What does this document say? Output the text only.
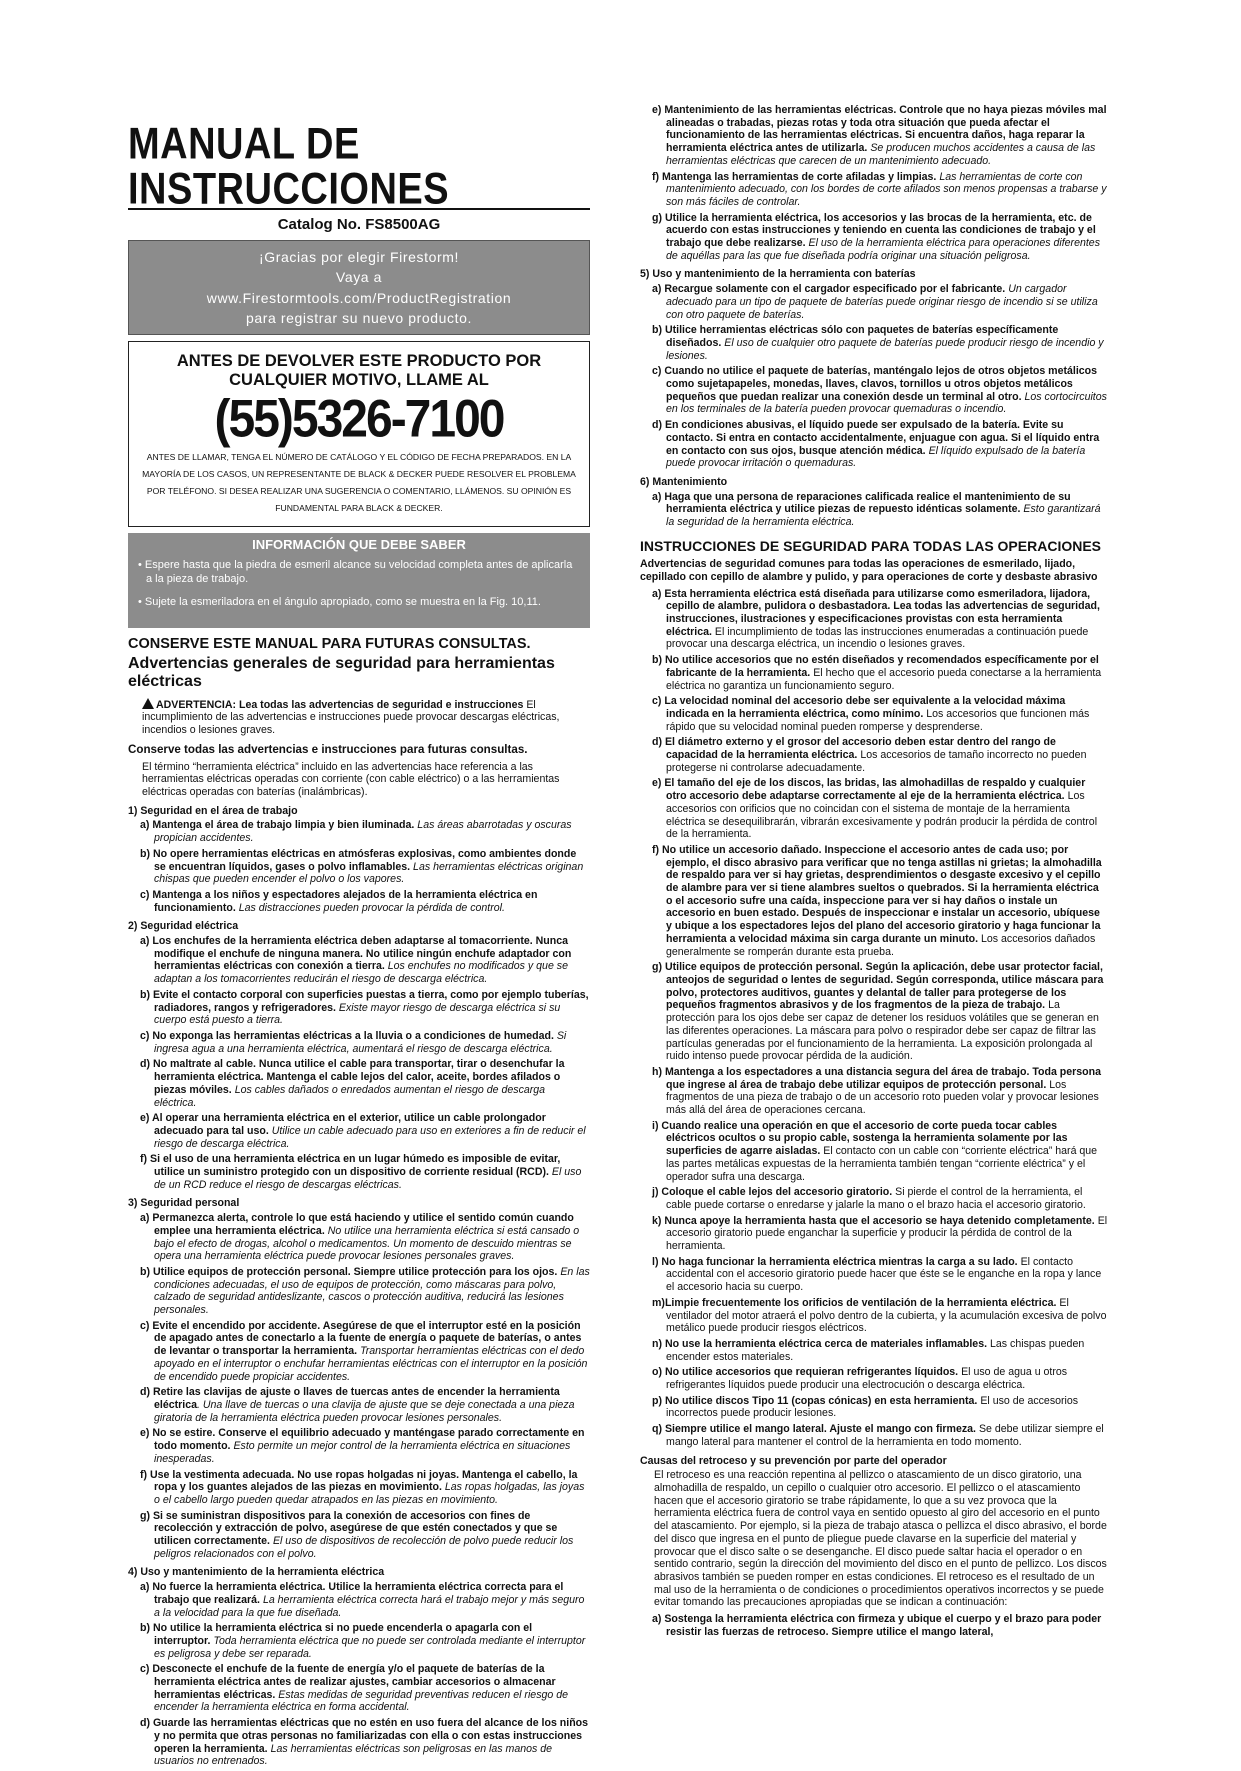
MANUAL DE INSTRUCCIONES
Catalog No. FS8500AG
¡Gracias por elegir Firestorm!
Vaya a
www.Firestormtools.com/ProductRegistration
para registrar su nuevo producto.
ANTES DE DEVOLVER ESTE PRODUCTO POR CUALQUIER MOTIVO, LLAME AL
(55)5326-7100
ANTES DE LLAMAR, TENGA EL NÚMERO DE CATÁLOGO Y EL CÓDIGO DE FECHA PREPARADOS. EN LA MAYORÍA DE LOS CASOS, UN REPRESENTANTE DE BLACK & DECKER PUEDE RESOLVER EL PROBLEMA POR TELÉFONO. SI DESEA REALIZAR UNA SUGERENCIA O COMENTARIO, LLÁMENOS. SU OPINIÓN ES FUNDAMENTAL PARA BLACK & DECKER.
INFORMACIÓN QUE DEBE SABER

• Espere hasta que la piedra de esmeril alcance su velocidad completa antes de aplicarla a la pieza de trabajo.

• Sujete la esmeriladora en el ángulo apropiado, como se muestra en la Fig. 10,11.

CONSERVE ESTE MANUAL PARA FUTURAS CONSULTAS.
Advertencias generales de seguridad para herramientas eléctricas

ADVERTENCIA: Lea todas las advertencias de seguridad e instrucciones El incumplimiento de las advertencias e instrucciones puede provocar descargas eléctricas, incendios o lesiones graves.

Conserve todas las advertencias e instrucciones para futuras consultas.

El término “herramienta eléctrica” incluido en las advertencias hace referencia a las herramientas eléctricas operadas con corriente (con cable eléctrico) o a las herramientas eléctricas operadas con baterías (inalámbricas).

1) Seguridad en el área de trabajo

a) Mantenga el área de trabajo limpia y bien iluminada. Las áreas abarrotadas y oscuras propician accidentes.

b) No opere herramientas eléctricas en atmósferas explosivas, como ambientes donde se encuentran líquidos, gases o polvo inflamables. Las herramientas eléctricas originan chispas que pueden encender el polvo o los vapores.

c) Mantenga a los niños y espectadores alejados de la herramienta eléctrica en funcionamiento. Las distracciones pueden provocar la pérdida de control.

2) Seguridad eléctrica

a) Los enchufes de la herramienta eléctrica deben adaptarse al tomacorriente. Nunca modifique el enchufe de ninguna manera. No utilice ningún enchufe adaptador con herramientas eléctricas con conexión a tierra. Los enchufes no modificados y que se adaptan a los tomacorrientes reducirán el riesgo de descarga eléctrica.

b) Evite el contacto corporal con superficies puestas a tierra, como por ejemplo tuberías, radiadores, rangos y refrigeradores. Existe mayor riesgo de descarga eléctrica si su cuerpo está puesto a tierra.

c) No exponga las herramientas eléctricas a la lluvia o a condiciones de humedad. Si ingresa agua a una herramienta eléctrica, aumentará el riesgo de descarga eléctrica.

d) No maltrate al cable. Nunca utilice el cable para transportar, tirar o desenchufar la herramienta eléctrica. Mantenga el cable lejos del calor, aceite, bordes afilados o piezas móviles. Los cables dañados o enredados aumentan el riesgo de descarga eléctrica.

e) Al operar una herramienta eléctrica en el exterior, utilice un cable prolongador adecuado para tal uso. Utilice un cable adecuado para uso en exteriores a fin de reducir el riesgo de descarga eléctrica.

f) Si el uso de una herramienta eléctrica en un lugar húmedo es imposible de evitar, utilice un suministro protegido con un dispositivo de corriente residual (RCD). El uso de un RCD reduce el riesgo de descargas eléctricas.

3) Seguridad personal

a) Permanezca alerta, controle lo que está haciendo y utilice el sentido común cuando emplee una herramienta eléctrica. No utilice una herramienta eléctrica si está cansado o bajo el efecto de drogas, alcohol o medicamentos. Un momento de descuido mientras se opera una herramienta eléctrica puede provocar lesiones personales graves.

b) Utilice equipos de protección personal. Siempre utilice protección para los ojos. En las condiciones adecuadas, el uso de equipos de protección, como máscaras para polvo, calzado de seguridad antideslizante, cascos o protección auditiva, reducirá las lesiones personales.

c) Evite el encendido por accidente. Asegúrese de que el interruptor esté en la posición de apagado antes de conectarlo a la fuente de energía o paquete de baterías, o antes de levantar o transportar la herramienta. Transportar herramientas eléctricas con el dedo apoyado en el interruptor o enchufar herramientas eléctricas con el interruptor en la posición de encendido puede propiciar accidentes.

d) Retire las clavijas de ajuste o llaves de tuercas antes de encender la herramienta eléctrica. Una llave de tuercas o una clavija de ajuste que se deje conectada a una pieza giratoria de la herramienta eléctrica pueden provocar lesiones personales.

e) No se estire. Conserve el equilibrio adecuado y manténgase parado correctamente en todo momento. Esto permite un mejor control de la herramienta eléctrica en situaciones inesperadas.

f) Use la vestimenta adecuada. No use ropas holgadas ni joyas. Mantenga el cabello, la ropa y los guantes alejados de las piezas en movimiento. Las ropas holgadas, las joyas o el cabello largo pueden quedar atrapados en las piezas en movimiento.

g) Si se suministran dispositivos para la conexión de accesorios con fines de recolección y extracción de polvo, asegúrese de que estén conectados y que se utilicen correctamente. El uso de dispositivos de recolección de polvo puede reducir los peligros relacionados con el polvo.

4) Uso y mantenimiento de la herramienta eléctrica

a) No fuerce la herramienta eléctrica. Utilice la herramienta eléctrica correcta para el trabajo que realizará. La herramienta eléctrica correcta hará el trabajo mejor y más seguro a la velocidad para la que fue diseñada.

b) No utilice la herramienta eléctrica si no puede encenderla o apagarla con el interruptor. Toda herramienta eléctrica que no puede ser controlada mediante el interruptor es peligrosa y debe ser reparada.

c) Desconecte el enchufe de la fuente de energía y/o el paquete de baterías de la herramienta eléctrica antes de realizar ajustes, cambiar accesorios o almacenar herramientas eléctricas. Estas medidas de seguridad preventivas reducen el riesgo de encender la herramienta eléctrica en forma accidental.

d) Guarde las herramientas eléctricas que no estén en uso fuera del alcance de los niños y no permita que otras personas no familiarizadas con ella o con estas instrucciones operen la herramienta. Las herramientas eléctricas son peligrosas en las manos de usuarios no entrenados.

e) Mantenimiento de las herramientas eléctricas. Controle que no haya piezas móviles mal alineadas o trabadas, piezas rotas y toda otra situación que pueda afectar el funcionamiento de las herramientas eléctricas. Si encuentra daños, haga reparar la herramienta eléctrica antes de utilizarla. Se producen muchos accidentes a causa de las herramientas eléctricas que carecen de un mantenimiento adecuado.

f) Mantenga las herramientas de corte afiladas y limpias. Las herramientas de corte con mantenimiento adecuado, con los bordes de corte afilados son menos propensas a trabarse y son más fáciles de controlar.

g) Utilice la herramienta eléctrica, los accesorios y las brocas de la herramienta, etc. de acuerdo con estas instrucciones y teniendo en cuenta las condiciones de trabajo y el trabajo que debe realizarse. El uso de la herramienta eléctrica para operaciones diferentes de aquéllas para las que fue diseñada podría originar una situación peligrosa.

5) Uso y mantenimiento de la herramienta con baterías

a) Recargue solamente con el cargador especificado por el fabricante. Un cargador adecuado para un tipo de paquete de baterías puede originar riesgo de incendio si se utiliza con otro paquete de baterías.

b) Utilice herramientas eléctricas sólo con paquetes de baterías específicamente diseñados. El uso de cualquier otro paquete de baterías puede producir riesgo de incendio y lesiones.

c) Cuando no utilice el paquete de baterías, manténgalo lejos de otros objetos metálicos como sujetapapeles, monedas, llaves, clavos, tornillos u otros objetos metálicos pequeños que puedan realizar una conexión desde un terminal al otro. Los cortocircuitos en los terminales de la batería pueden provocar quemaduras o incendio.

d) En condiciones abusivas, el líquido puede ser expulsado de la batería. Evite su contacto. Si entra en contacto accidentalmente, enjuague con agua. Si el líquido entra en contacto con sus ojos, busque atención médica. El líquido expulsado de la batería puede provocar irritación o quemaduras.

6) Mantenimiento

a) Haga que una persona de reparaciones calificada realice el mantenimiento de su herramienta eléctrica y utilice piezas de repuesto idénticas solamente. Esto garantizará la seguridad de la herramienta eléctrica.

INSTRUCCIONES DE SEGURIDAD PARA TODAS LAS OPERACIONES

Advertencias de seguridad comunes para todas las operaciones de esmerilado, lijado, cepillado con cepillo de alambre y pulido, y para operaciones de corte y desbaste abrasivo

a) Esta herramienta eléctrica está diseñada para utilizarse como esmeriladora, lijadora, cepillo de alambre, pulidora o desbastadora. Lea todas las advertencias de seguridad, instrucciones, ilustraciones y especificaciones provistas con esta herramienta eléctrica. El incumplimiento de todas las instrucciones enumeradas a continuación puede provocar una descarga eléctrica, un incendio o lesiones graves.

b) No utilice accesorios que no estén diseñados y recomendados específicamente por el fabricante de la herramienta. El hecho que el accesorio pueda conectarse a la herramienta eléctrica no garantiza un funcionamiento seguro.

c) La velocidad nominal del accesorio debe ser equivalente a la velocidad máxima indicada en la herramienta eléctrica, como mínimo. Los accesorios que funcionen más rápido que su velocidad nominal pueden romperse y desprenderse.

d) El diámetro externo y el grosor del accesorio deben estar dentro del rango de capacidad de la herramienta eléctrica. Los accesorios de tamaño incorrecto no pueden protegerse ni controlarse adecuadamente.

e) El tamaño del eje de los discos, las bridas, las almohadillas de respaldo y cualquier otro accesorio debe adaptarse correctamente al eje de la herramienta eléctrica. Los accesorios con orificios que no coincidan con el sistema de montaje de la herramienta eléctrica se desequilibrarán, vibrarán excesivamente y podrán producir la pérdida de control de la herramienta.

f) No utilice un accesorio dañado. Inspeccione el accesorio antes de cada uso; por ejemplo, el disco abrasivo para verificar que no tenga astillas ni grietas; la almohadilla de respaldo para ver si hay grietas, desprendimientos o desgaste excesivo y el cepillo de alambre para ver si tiene alambres sueltos o quebrados. Si la herramienta eléctrica o el accesorio sufre una caída, inspeccione para ver si hay daños o instale un accesorio en buen estado. Después de inspeccionar e instalar un accesorio, ubíquese y ubique a los espectadores lejos del plano del accesorio giratorio y haga funcionar la herramienta a velocidad máxima sin carga durante un minuto. Los accesorios dañados generalmente se romperán durante esta prueba.

g) Utilice equipos de protección personal. Según la aplicación, debe usar protector facial, anteojos de seguridad o lentes de seguridad. Según corresponda, utilice máscara para polvo, protectores auditivos, guantes y delantal de taller para protegerse de los pequeños fragmentos abrasivos y de los fragmentos de la pieza de trabajo. La protección para los ojos debe ser capaz de detener los residuos volátiles que se generan en las diferentes operaciones. La máscara para polvo o respirador debe ser capaz de filtrar las partículas generadas por el funcionamiento de la herramienta. La exposición prolongada al ruido intenso puede provocar pérdida de la audición.

h) Mantenga a los espectadores a una distancia segura del área de trabajo. Toda persona que ingrese al área de trabajo debe utilizar equipos de protección personal. Los fragmentos de una pieza de trabajo o de un accesorio roto pueden volar y provocar lesiones más allá del área de operaciones cercana.

i) Cuando realice una operación en que el accesorio de corte pueda tocar cables eléctricos ocultos o su propio cable, sostenga la herramienta solamente por las superficies de agarre aisladas. El contacto con un cable con “corriente eléctrica” hará que las partes metálicas expuestas de la herramienta también tengan “corriente eléctrica” y el operador sufra una descarga.

j) Coloque el cable lejos del accesorio giratorio. Si pierde el control de la herramienta, el cable puede cortarse o enredarse y jalarle la mano o el brazo hacia el accesorio giratorio.

k) Nunca apoye la herramienta hasta que el accesorio se haya detenido completamente. El accesorio giratorio puede enganchar la superficie y producir la pérdida de control de la herramienta.

l) No haga funcionar la herramienta eléctrica mientras la carga a su lado. El contacto accidental con el accesorio giratorio puede hacer que éste se le enganche en la ropa y lance el accesorio hacia su cuerpo.

m)Limpie frecuentemente los orificios de ventilación de la herramienta eléctrica. El ventilador del motor atraerá el polvo dentro de la cubierta, y la acumulación excesiva de polvo metálico puede producir riesgos eléctricos.

n) No use la herramienta eléctrica cerca de materiales inflamables. Las chispas pueden encender estos materiales.

o) No utilice accesorios que requieran refrigerantes líquidos. El uso de agua u otros refrigerantes líquidos puede producir una electrocución o descarga eléctrica.

p) No utilice discos Tipo 11 (copas cónicas) en esta herramienta. El uso de accesorios incorrectos puede producir lesiones.

q) Siempre utilice el mango lateral. Ajuste el mango con firmeza. Se debe utilizar siempre el mango lateral para mantener el control de la herramienta en todo momento.

Causas del retroceso y su prevención por parte del operador

El retroceso es una reacción repentina al pellizco o atascamiento de un disco giratorio, una almohadilla de respaldo, un cepillo o cualquier otro accesorio. El pellizco o el atascamiento hacen que el accesorio giratorio se trabe rápidamente, lo que a su vez provoca que la herramienta eléctrica fuera de control vaya en sentido opuesto al giro del accesorio en el punto del atascamiento. Por ejemplo, si la pieza de trabajo atasca o pellizca el disco abrasivo, el borde del disco que ingresa en el punto de pliegue puede clavarse en la superficie del material y provocar que el disco salte o se desenganche. El disco puede saltar hacia el operador o en sentido contrario, según la dirección del movimiento del disco en el punto de pellizco. Los discos abrasivos también se pueden romper en estas condiciones. El retroceso es el resultado de un mal uso de la herramienta o de condiciones o procedimientos operativos incorrectos y se puede evitar tomando las precauciones apropiadas que se indican a continuación:

a) Sostenga la herramienta eléctrica con firmeza y ubique el cuerpo y el brazo para poder resistir las fuerzas de retroceso. Siempre utilice el mango lateral,
